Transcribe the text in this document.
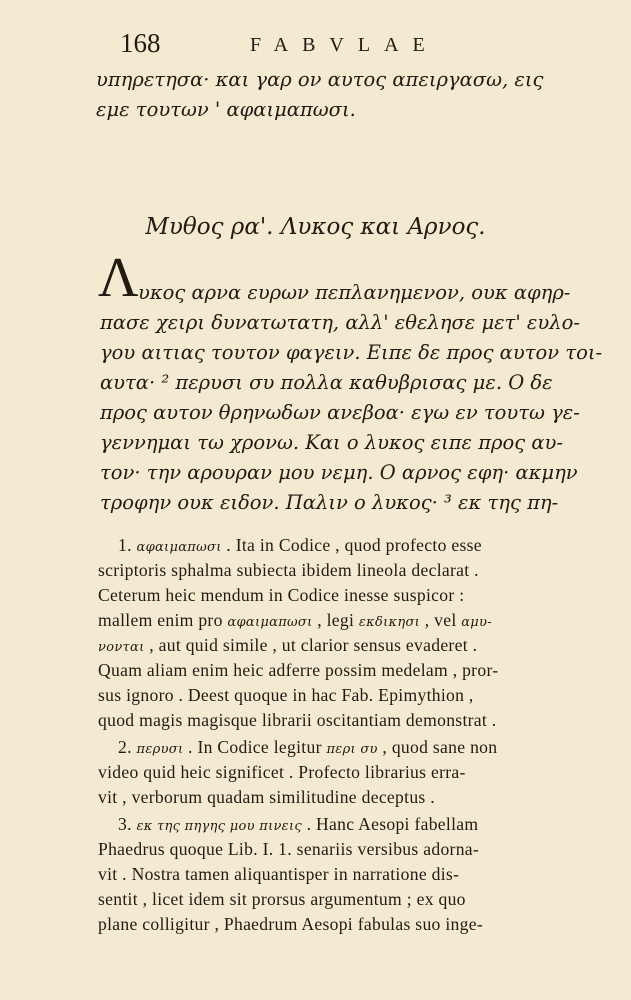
168	FABVLAE
υπηρετησα· και γαρ ον αυτος απειργασω, εις
εμε τουτων ' αφαιμαπωσι.
Μυθος ρα'. Λυκος και Αρνος.
Λ υκος αρνα ευρων πεπλανημενον, ουκ αφηρ-
πασε χειρι δυνατωτατη, αλλ' εθελησε μετ' ευλο-
γου αιτιας τουτον φαγειν. Ειπε δε προς αυτον τοι-
αυτα· ² περυσι συ πολλα καθυβρισας με. Ο δε
προς αυτον θρηνωδων ανεβοα· εγω εν τουτω γε-
γεννημαι τω χρονω. Και ο λυκος ειπε προς αυ-
τον· την αρουραν μου νεμη. Ο αρνος εφη· ακμην
τροφην ουκ ειδον. Παλιν ο λυκος· ³ εκ της πη-
1. αφαιμαπωσι . Ita in Codice , quod profecto esse
scriptoris sphalma subiecta ibidem lineola declarat .
Ceterum heic mendum in Codice inesse suspicor :
mallem enim pro αφαιμαπωσι , legi εκδικησι , vel αμυ-
νονται , aut quid simile , ut clarior sensus evaderet .
Quam aliam enim heic adferre possim medelam , pror-
sus ignoro . Deest quoque in hac Fab. Epimythion ,
quod magis magisque librarii oscitantiam demonstrat .
2. περυσι . In Codice legitur περι συ , quod sane non
video quid heic significet . Profecto librarius erra-
vit , verborum quadam similitudine deceptus .
3. εκ της πηγης μου πινεις . Hanc Aesopi fabellam
Phaedrus quoque Lib. I. 1. senariis versibus adorna-
vit . Nostra tamen aliquantisper in narratione dis-
sentit , licet idem sit prorsus argumentum ; ex quo
plane colligitur , Phaedrum Aesopi fabulas suo inge-
